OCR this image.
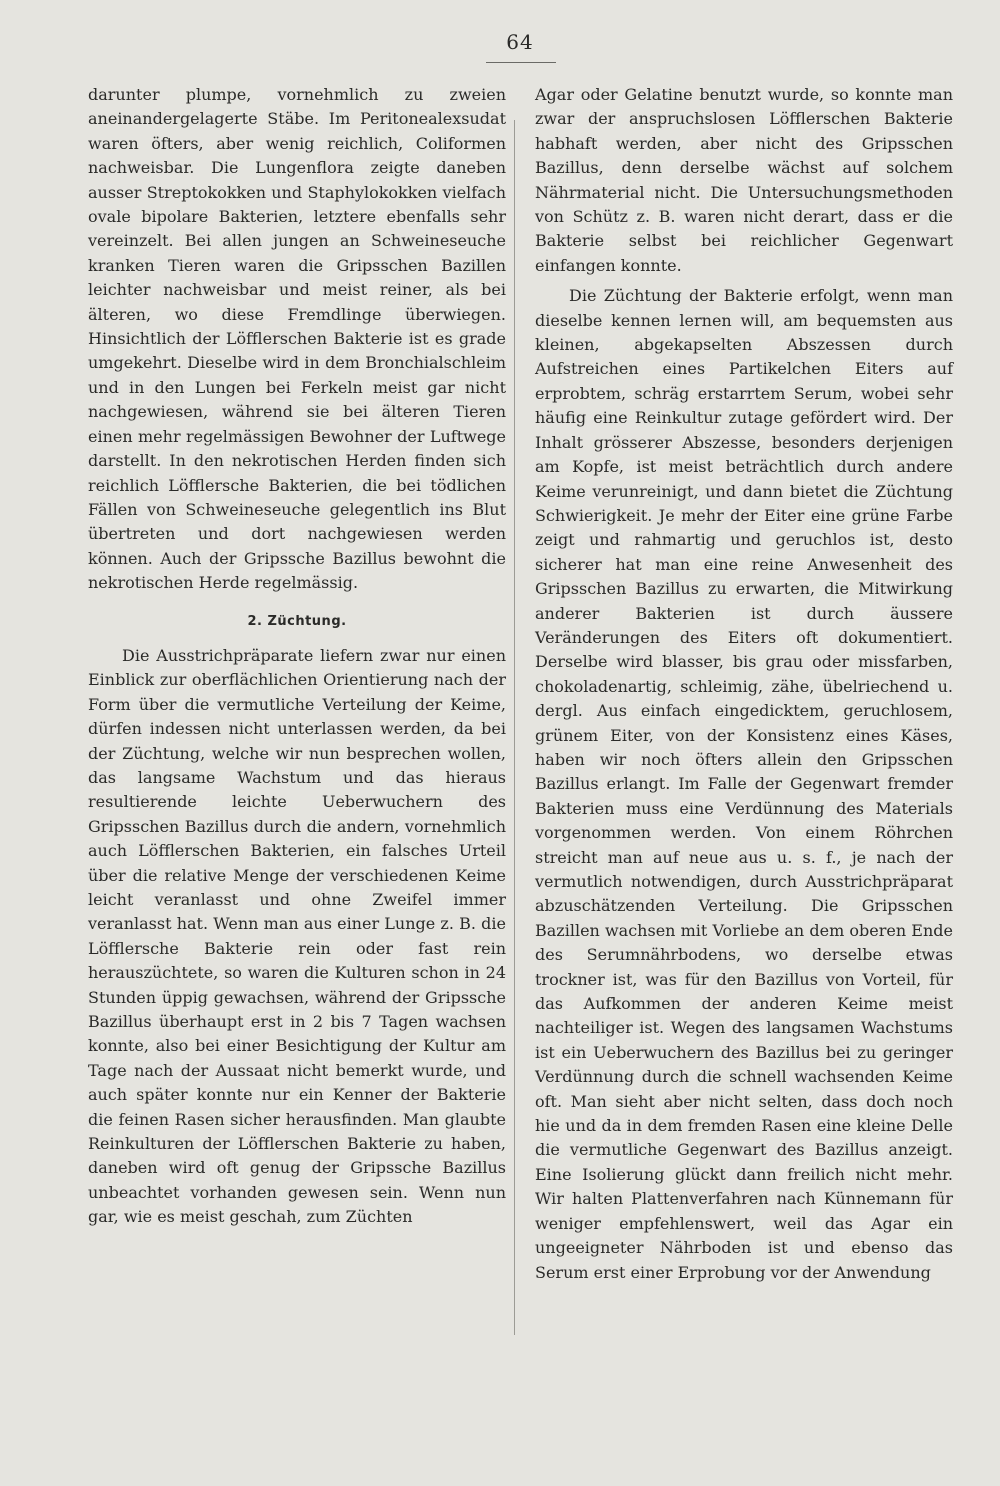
64

darunter plumpe, vornehmlich zu zweien aneinandergelagerte Stäbe. Im Peritonealexsudat waren öfters, aber wenig reichlich, Coliformen nachweisbar. Die Lungenflora zeigte daneben ausser Streptokokken und Staphylokokken vielfach ovale bipolare Bakterien, letztere ebenfalls sehr vereinzelt. Bei allen jungen an Schweineseuche kranken Tieren waren die Gripsschen Bazillen leichter nachweisbar und meist reiner, als bei älteren, wo diese Fremdlinge überwiegen. Hinsichtlich der Löfflerschen Bakterie ist es grade umgekehrt. Dieselbe wird in dem Bronchialschleim und in den Lungen bei Ferkeln meist gar nicht nachgewiesen, während sie bei älteren Tieren einen mehr regelmässigen Bewohner der Luftwege darstellt. In den nekrotischen Herden finden sich reichlich Löfflersche Bakterien, die bei tödlichen Fällen von Schweineseuche gelegentlich ins Blut übertreten und dort nachgewiesen werden können. Auch der Gripssche Bazillus bewohnt die nekrotischen Herde regelmässig.

2. Züchtung.

Die Ausstrichpräparate liefern zwar nur einen Einblick zur oberflächlichen Orientierung nach der Form über die vermutliche Verteilung der Keime, dürfen indessen nicht unterlassen werden, da bei der Züchtung, welche wir nun besprechen wollen, das langsame Wachstum und das hieraus resultierende leichte Ueberwuchern des Gripsschen Bazillus durch die andern, vornehmlich auch Löfflerschen Bakterien, ein falsches Urteil über die relative Menge der verschiedenen Keime leicht veranlasst und ohne Zweifel immer veranlasst hat. Wenn man aus einer Lunge z. B. die Löfflersche Bakterie rein oder fast rein herauszüchtete, so waren die Kulturen schon in 24 Stunden üppig gewachsen, während der Gripssche Bazillus überhaupt erst in 2 bis 7 Tagen wachsen konnte, also bei einer Besichtigung der Kultur am Tage nach der Aussaat nicht bemerkt wurde, und auch später konnte nur ein Kenner der Bakterie die feinen Rasen sicher herausfinden. Man glaubte Reinkulturen der Löfflerschen Bakterie zu haben, daneben wird oft genug der Gripssche Bazillus unbeachtet vorhanden gewesen sein. Wenn nun gar, wie es meist geschah, zum Züchten

Agar oder Gelatine benutzt wurde, so konnte man zwar der anspruchslosen Löfflerschen Bakterie habhaft werden, aber nicht des Gripsschen Bazillus, denn derselbe wächst auf solchem Nährmaterial nicht. Die Untersuchungsmethoden von Schütz z. B. waren nicht derart, dass er die Bakterie selbst bei reichlicher Gegenwart einfangen konnte.

Die Züchtung der Bakterie erfolgt, wenn man dieselbe kennen lernen will, am bequemsten aus kleinen, abgekapselten Abszessen durch Aufstreichen eines Partikelchen Eiters auf erprobtem, schräg erstarrtem Serum, wobei sehr häufig eine Reinkultur zutage gefördert wird. Der Inhalt grösserer Abszesse, besonders derjenigen am Kopfe, ist meist beträchtlich durch andere Keime verunreinigt, und dann bietet die Züchtung Schwierigkeit. Je mehr der Eiter eine grüne Farbe zeigt und rahmartig und geruchlos ist, desto sicherer hat man eine reine Anwesenheit des Gripsschen Bazillus zu erwarten, die Mitwirkung anderer Bakterien ist durch äussere Veränderungen des Eiters oft dokumentiert. Derselbe wird blasser, bis grau oder missfarben, chokoladenartig, schleimig, zähe, übelriechend u. dergl. Aus einfach eingedicktem, geruchlosem, grünem Eiter, von der Konsistenz eines Käses, haben wir noch öfters allein den Gripsschen Bazillus erlangt. Im Falle der Gegenwart fremder Bakterien muss eine Verdünnung des Materials vorgenommen werden. Von einem Röhrchen streicht man auf neue aus u. s. f., je nach der vermutlich notwendigen, durch Ausstrichpräparat abzuschätzenden Verteilung. Die Gripsschen Bazillen wachsen mit Vorliebe an dem oberen Ende des Serumnährbodens, wo derselbe etwas trockner ist, was für den Bazillus von Vorteil, für das Aufkommen der anderen Keime meist nachteiliger ist. Wegen des langsamen Wachstums ist ein Ueberwuchern des Bazillus bei zu geringer Verdünnung durch die schnell wachsenden Keime oft. Man sieht aber nicht selten, dass doch noch hie und da in dem fremden Rasen eine kleine Delle die vermutliche Gegenwart des Bazillus anzeigt. Eine Isolierung glückt dann freilich nicht mehr. Wir halten Plattenverfahren nach Künnemann für weniger empfehlenswert, weil das Agar ein ungeeigneter Nährboden ist und ebenso das Serum erst einer Erprobung vor der Anwendung
